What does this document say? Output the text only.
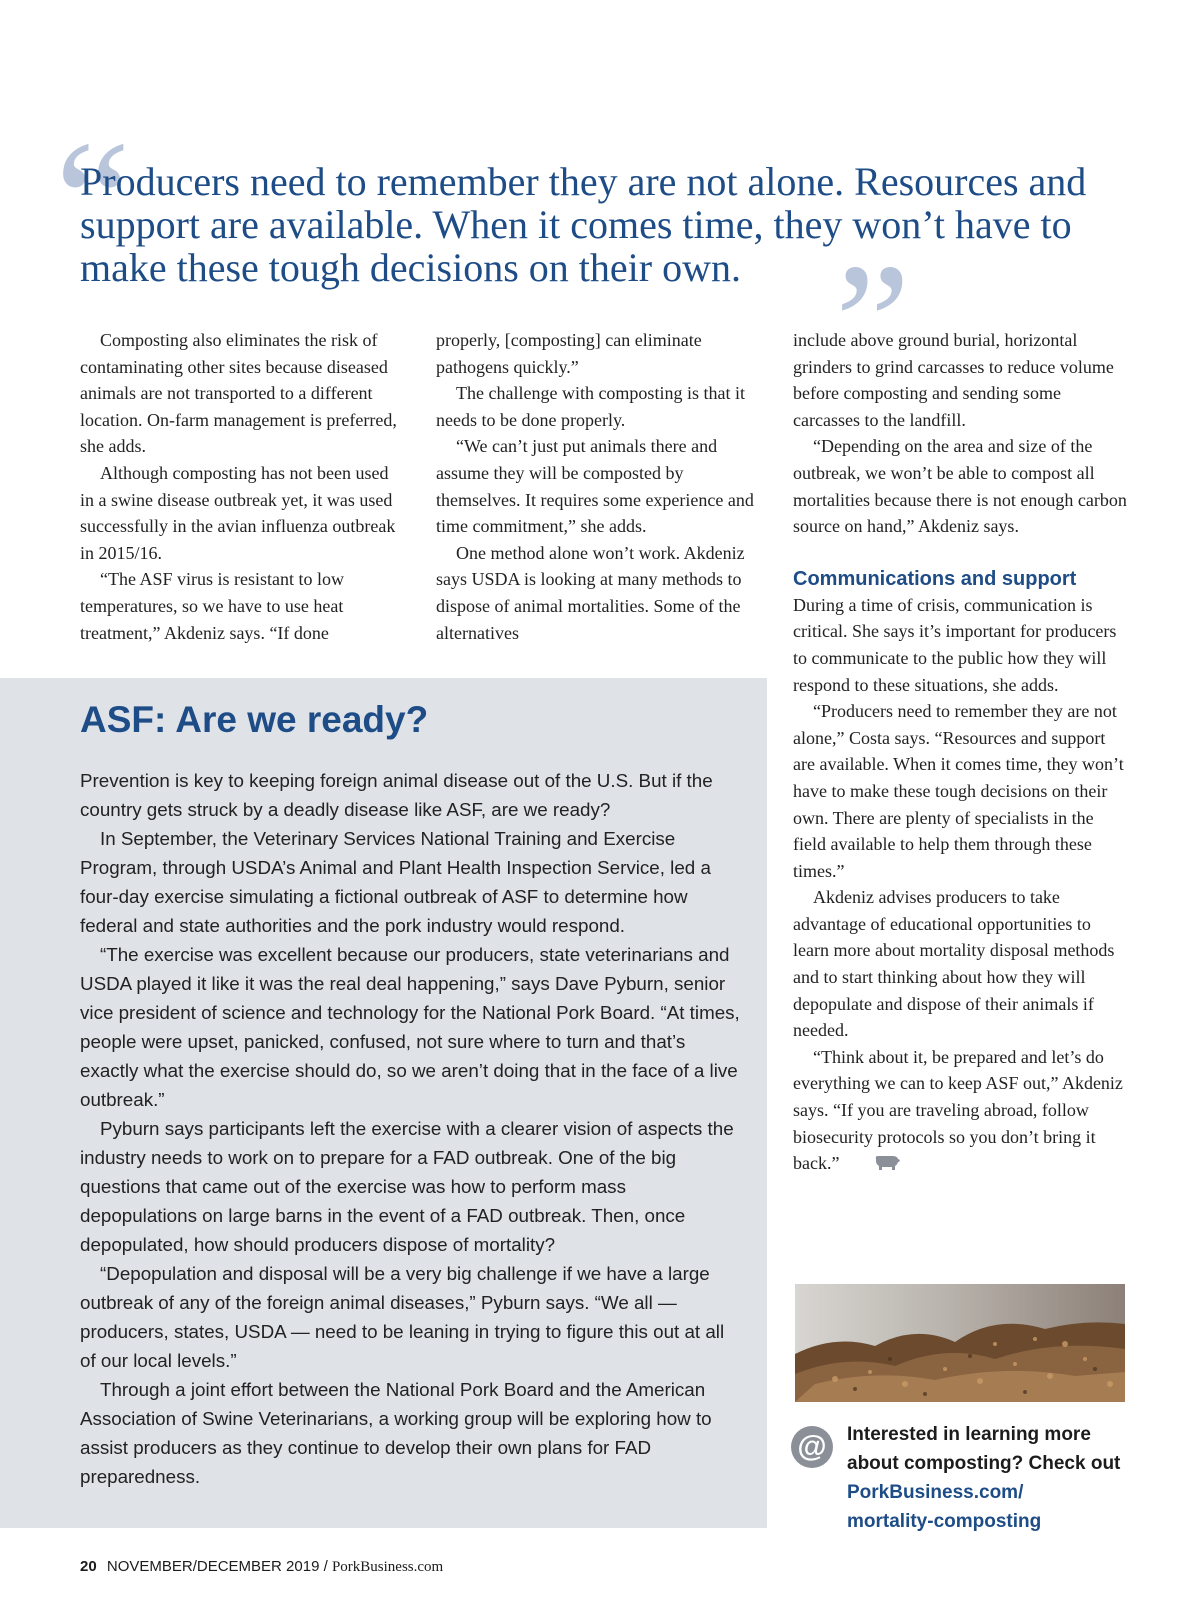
“

Producers need to remember they are not alone. Resources and support are available. When it comes time, they won’t have to make these tough decisions on their own. ”

Composting also eliminates the risk of contaminating other sites because diseased animals are not transported to a different location. On-farm management is preferred, she adds.

Although composting has not been used in a swine disease outbreak yet, it was used successfully in the avian influenza outbreak in 2015/16.

“The ASF virus is resistant to low temperatures, so we have to use heat treatment,” Akdeniz says. “If done

properly, [composting] can eliminate pathogens quickly.”

The challenge with composting is that it needs to be done properly.

“We can’t just put animals there and assume they will be composted by themselves. It requires some experience and time commitment,” she adds.

One method alone won’t work. Akdeniz says USDA is looking at many methods to dispose of animal mortalities. Some of the alternatives

include above ground burial, horizontal grinders to grind carcasses to reduce volume before composting and sending some carcasses to the landfill.

“Depending on the area and size of the outbreak, we won’t be able to compost all mortalities because there is not enough carbon source on hand,” Akdeniz says.

Communications and support

During a time of crisis, communication is critical. She says it’s important for producers to communicate to the public how they will respond to these situations, she adds.

“Producers need to remember they are not alone,” Costa says. “Resources and support are available. When it comes time, they won’t have to make these tough decisions on their own. There are plenty of specialists in the field available to help them through these times.”

Akdeniz advises producers to take advantage of educational opportunities to learn more about mortality disposal methods and to start thinking about how they will depopulate and dispose of their animals if needed.

“Think about it, be prepared and let’s do everything we can to keep ASF out,” Akdeniz says. “If you are traveling abroad, follow biosecurity protocols so you don’t bring it back.”

ASF: Are we ready?

Prevention is key to keeping foreign animal disease out of the U.S. But if the country gets struck by a deadly disease like ASF, are we ready?

In September, the Veterinary Services National Training and Exercise Program, through USDA’s Animal and Plant Health Inspection Service, led a four-day exercise simulating a fictional outbreak of ASF to determine how federal and state authorities and the pork industry would respond.

“The exercise was excellent because our producers, state veterinarians and USDA played it like it was the real deal happening,” says Dave Pyburn, senior vice president of science and technology for the National Pork Board. “At times, people were upset, panicked, confused, not sure where to turn and that’s exactly what the exercise should do, so we aren’t doing that in the face of a live outbreak.”

Pyburn says participants left the exercise with a clearer vision of aspects the industry needs to work on to prepare for a FAD outbreak. One of the big questions that came out of the exercise was how to perform mass depopulations on large barns in the event of a FAD outbreak. Then, once depopulated, how should producers dispose of mortality?

“Depopulation and disposal will be a very big challenge if we have a large outbreak of any of the foreign animal diseases,” Pyburn says. “We all — producers, states, USDA — need to be leaning in trying to figure this out at all of our local levels.”

Through a joint effort between the National Pork Board and the American Association of Swine Veterinarians, a working group will be exploring how to assist producers as they continue to develop their own plans for FAD preparedness.

@ Interested in learning more about composting? Check out
PorkBusiness.com/
mortality-composting
20 NOVEMBER/DECEMBER 2019 / PorkBusiness.com
